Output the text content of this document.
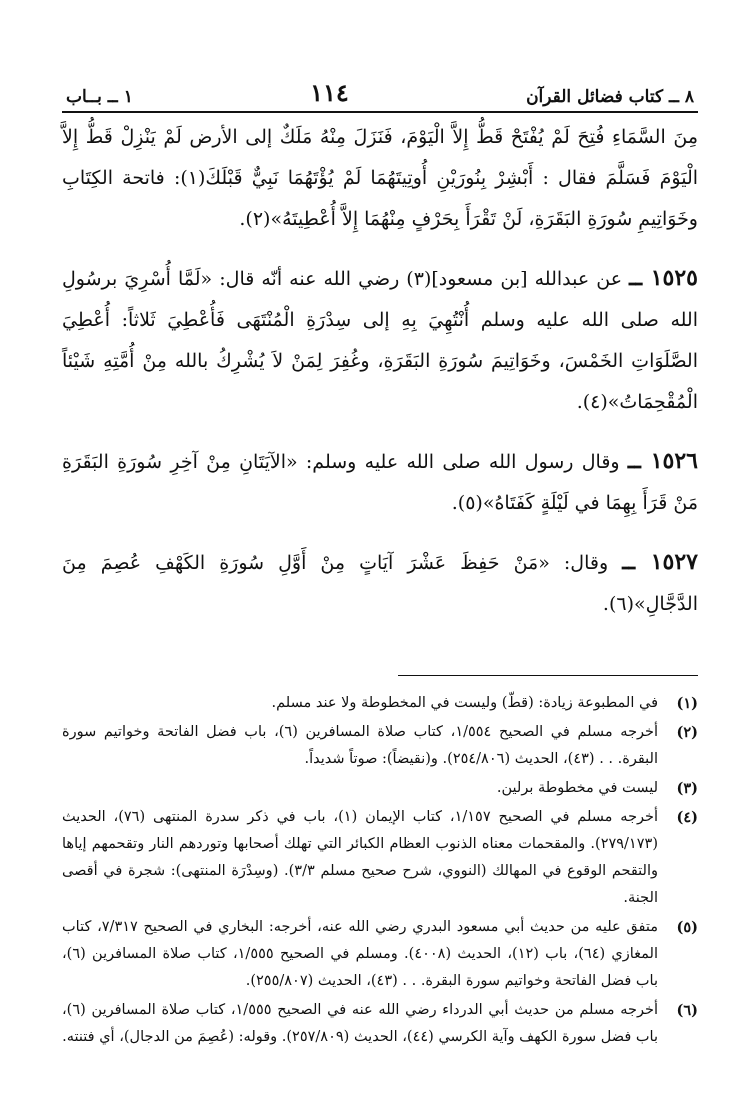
٨ ــ كتاب فضائل القرآن
١١٤
١ ــ بــاب

مِنَ السَّمَاءِ فُتِحَ لَمْ يُفْتَحْ قَطُّ إِلاَّ الْيَوْمَ، فَنَزَلَ مِنْهُ مَلَكٌ إلى الأرض لَمْ يَنْزِلْ قَطُّ إِلاَّ الْيَوْمَ فَسَلَّمَ فقال : أَبْشِرْ بِنُورَيْنِ أُوتِيتَهُمَا لَمْ يُؤْتَهُمَا نَبِيٌّ قَبْلَكَ(١): فاتحة الكِتَابِ وخَوَاتِيمِ سُورَةِ البَقَرَةِ، لَنْ تَقْرَأَ بِحَرْفٍ مِنْهُمَا إِلاَّ أُعْطِيتَهُ»(٢).

١٥٢٥ ــ عن عبدالله [بن مسعود](٣) رضي الله عنه أنّه قال: «لَمَّا أُسْرِيَ برسُولِ الله صلى الله عليه وسلم أُنْتُهِيَ بِهِ إلى سِدْرَةِ الْمُنْتَهَى فَأُعْطِيَ ثَلاثاً: أُعْطِيَ الصَّلَوَاتِ الخَمْسَ، وخَوَاتِيمَ سُورَةِ البَقَرَةِ، وغُفِرَ لِمَنْ لاَ يُشْرِكُ بالله مِنْ أُمَّتِهِ شَيْئاً الْمُقْحِمَاتُ»(٤).

١٥٢٦ ــ وقال رسول الله صلى الله عليه وسلم: «الآيَتَانِ مِنْ آخِرِ سُورَةِ البَقَرَةِ مَنْ قَرَأَ بِهِمَا في لَيْلَةٍ كَفَتَاهُ»(٥).

١٥٢٧ ــ وقال: «مَنْ حَفِظَ عَشْرَ آيَاتٍ مِنْ أَوَّلِ سُورَةِ الكَهْفِ عُصِمَ مِنَ الدَّجَّالِ»(٦).

(١)
في المطبوعة زيادة: (قطّ) وليست في المخطوطة ولا عند مسلم.
(٢)
أخرجه مسلم في الصحيح ١/٥٥٤، كتاب صلاة المسافرين (٦)، باب فضل الفاتحة وخواتيم سورة البقرة. . . (٤٣)، الحديث (٢٥٤/٨٠٦). و(نقيضاً): صوتاً شديداً.
(٣)
ليست في مخطوطة برلين.
(٤)
أخرجه مسلم في الصحيح ١/١٥٧، كتاب الإيمان (١)، باب في ذكر سدرة المنتهى (٧٦)، الحديث (٢٧٩/١٧٣). والمقحمات معناه الذنوب العظام الكبائر التي تهلك أصحابها وتوردهم النار وتقحمهم إياها والتقحم الوقوع في المهالك (النووي، شرح صحيح مسلم ٣/٣). (وسِدْرَة المنتهى): شجرة في أقصى الجنة.
(٥)
متفق عليه من حديث أبي مسعود البدري رضي الله عنه، أخرجه: البخاري في الصحيح ٧/٣١٧، كتاب المغازي (٦٤)، باب (١٢)، الحديث (٤٠٠٨). ومسلم في الصحيح ١/٥٥٥، كتاب صلاة المسافرين (٦)، باب فضل الفاتحة وخواتيم سورة البقرة. . . (٤٣)، الحديث (٢٥٥/٨٠٧).
(٦)
أخرجه مسلم من حديث أبي الدرداء رضي الله عنه في الصحيح ١/٥٥٥، كتاب صلاة المسافرين (٦)، باب فضل سورة الكهف وآية الكرسي (٤٤)، الحديث (٢٥٧/٨٠٩). وقوله: (عُصِمَ من الدجال)، أي فتنته.
